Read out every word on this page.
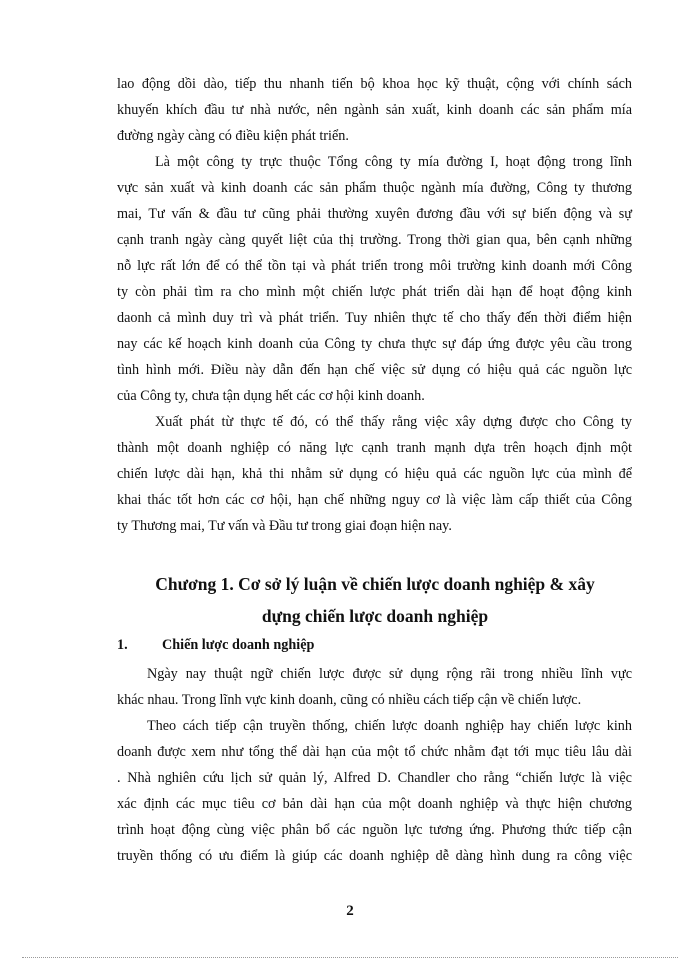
lao động dồi dào, tiếp thu nhanh tiến bộ khoa học kỹ thuật, cộng với chính sách
khuyến khích đầu tư nhà nước, nên ngành sản xuất, kinh doanh các sản phẩm mía
đường ngày càng có điều kiện phát triển.
Là một công ty trực thuộc Tổng công ty mía đường I, hoạt động trong lĩnh
vực sản xuất và kinh doanh các sản phẩm thuộc ngành mía đường, Công ty thương
mai, Tư vấn & đầu tư cũng phải thường xuyên đương đầu với sự biến động và sự
cạnh tranh ngày càng quyết liệt của thị trường. Trong thời gian qua, bên cạnh những
nỗ lực rất lớn để có thể tồn tại và phát triển trong môi trường kinh doanh mới Công
ty còn phải tìm ra cho mình một chiến lược phát triển dài hạn để hoạt động kinh
daonh cả mình duy trì và phát triển. Tuy nhiên thực tế cho thấy đến thời điểm hiện
nay các kế hoạch kinh doanh của Công ty chưa thực sự đáp ứng được yêu cầu trong
tình hình mới. Điều này dẫn đến hạn chế việc sử dụng có hiệu quả các nguồn lực
của Công ty, chưa tận dụng hết các cơ hội kinh doanh.
Xuất phát từ thực tế đó, có thể thấy rằng việc xây dựng được cho Công ty
thành một doanh nghiệp có năng lực cạnh tranh mạnh dựa trên hoạch định một
chiến lược dài hạn, khả thi nhằm sử dụng có hiệu quả các nguồn lực của mình để
khai thác tốt hơn các cơ hội, hạn chế những nguy cơ là việc làm cấp thiết của Công
ty Thương mai, Tư vấn và Đầu tư trong giai đoạn hiện nay.
Chương 1. Cơ sở lý luận về chiến lược doanh nghiệp & xây
dựng chiến lược doanh nghiệp
1. Chiến lược doanh nghiệp
Ngày nay thuật ngữ chiến lược được sử dụng rộng rãi trong nhiều lĩnh vực
khác nhau. Trong lĩnh vực kinh doanh, cũng có nhiều cách tiếp cận về chiến lược.
Theo cách tiếp cận truyền thống, chiến lược doanh nghiệp hay chiến lược kinh
doanh được xem như tổng thể dài hạn của một tổ chức nhằm đạt tới mục tiêu lâu dài
. Nhà nghiên cứu lịch sử quản lý, Alfred D. Chandler cho rằng “chiến lược là việc
xác định các mục tiêu cơ bản dài hạn của một doanh nghiệp và thực hiện chương
trình hoạt động cùng việc phân bổ các nguồn lực tương ứng. Phương thức tiếp cận
truyền thống có ưu điểm là giúp các doanh nghiệp dễ dàng hình dung ra công việc
2
